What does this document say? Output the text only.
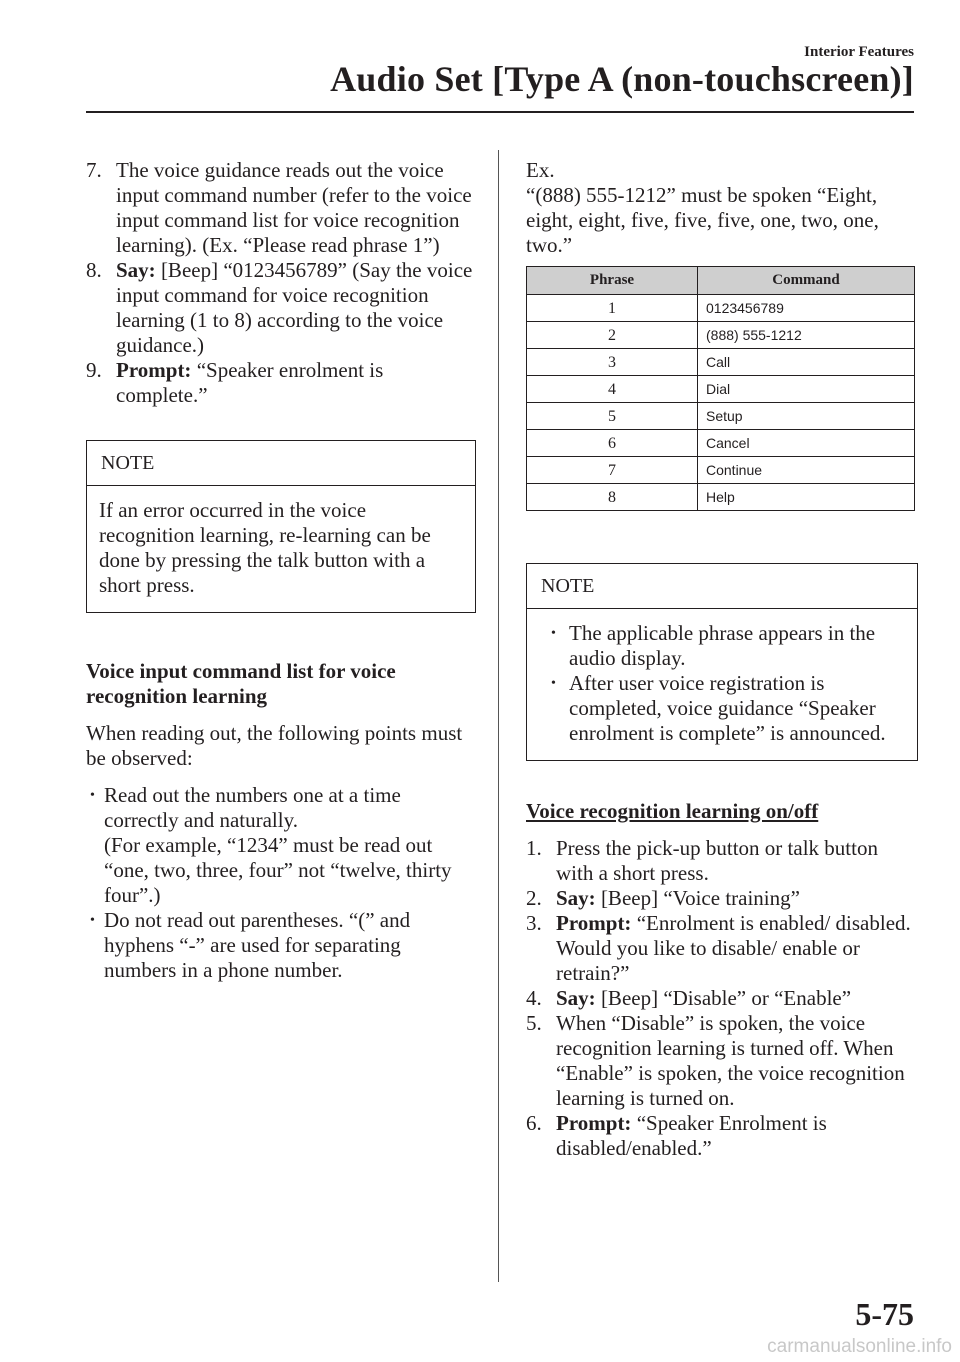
Interior Features
Audio Set [Type A (non-touchscreen)]
7. The voice guidance reads out the voice input command number (refer to the voice input command list for voice recognition learning). (Ex. “Please read phrase 1”)
8. Say: [Beep] “0123456789” (Say the voice input command for voice recognition learning (1 to 8) according to the voice guidance.)
9. Prompt: “Speaker enrolment is complete.”
NOTE
If an error occurred in the voice recognition learning, re-learning can be done by pressing the talk button with a short press.
Voice input command list for voice recognition learning
When reading out, the following points must be observed:
• Read out the numbers one at a time correctly and naturally.
(For example, “1234” must be read out “one, two, three, four” not “twelve, thirty four”.)
• Do not read out parentheses. “(” and hyphens “-” are used for separating numbers in a phone number.
Ex.
“(888) 555-1212” must be spoken “Eight, eight, eight, five, five, five, one, two, one, two.”
Phrase	Command
1	0123456789
2	(888) 555-1212
3	Call
4	Dial
5	Setup
6	Cancel
7	Continue
8	Help
NOTE
• The applicable phrase appears in the audio display.
• After user voice registration is completed, voice guidance “Speaker enrolment is complete” is announced.
Voice recognition learning on/off
1. Press the pick-up button or talk button with a short press.
2. Say: [Beep] “Voice training”
3. Prompt: “Enrolment is enabled/ disabled. Would you like to disable/ enable or retrain?”
4. Say: [Beep] “Disable” or “Enable”
5. When “Disable” is spoken, the voice recognition learning is turned off. When “Enable” is spoken, the voice recognition learning is turned on.
6. Prompt: “Speaker Enrolment is disabled/enabled.”
5-75
carmanualsonline.info
